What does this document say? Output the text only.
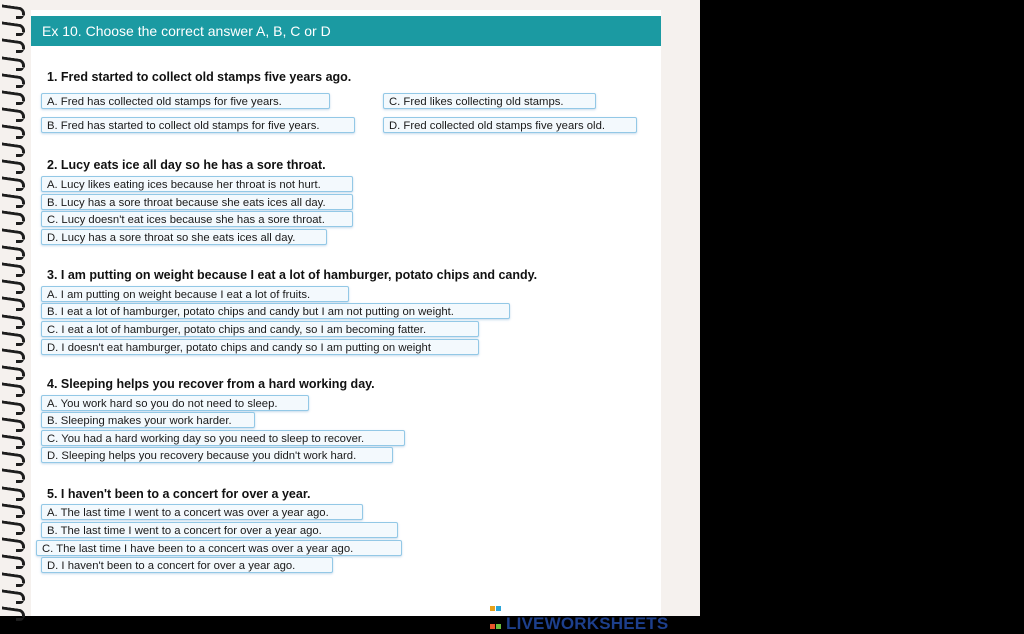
Ex 10. Choose the correct answer A, B, C or D
1. Fred started to collect old stamps five years ago.
A. Fred has collected old stamps for five years.	C. Fred likes collecting old stamps.
B. Fred has started to collect old stamps for five years.	D. Fred collected old stamps five years old.
2. Lucy eats ice all day so he has a sore throat.
A. Lucy likes eating ices because her throat is not hurt.
B. Lucy has a sore throat because she eats ices all day.
C. Lucy doesn't eat ices because she has a sore throat.
D. Lucy has a sore throat so she eats ices all day.
3. I am putting on weight because I eat a lot of hamburger, potato chips and candy.
A. I am putting on weight because I eat a lot of fruits.
B. I eat a lot of hamburger, potato chips and candy but I am not putting on weight.
C. I eat a lot of hamburger, potato chips and candy, so I am becoming fatter.
D. I doesn't eat hamburger, potato chips and candy so I am putting on weight
4. Sleeping helps you recover from a hard working day.
A. You work hard so you do not need to sleep.
B. Sleeping makes your work harder.
C. You had a hard working day so you need to sleep to recover.
D. Sleeping helps you recovery because you didn't work hard.
5. I haven't been to a concert for over a year.
A. The last time I went to a concert was over a year ago.
B. The last time I went to a concert for over a year ago.
C. The last time I have been to a concert was over a year ago.
D. I haven't been to a concert for over a year ago.
LIVEWORKSHEETS
